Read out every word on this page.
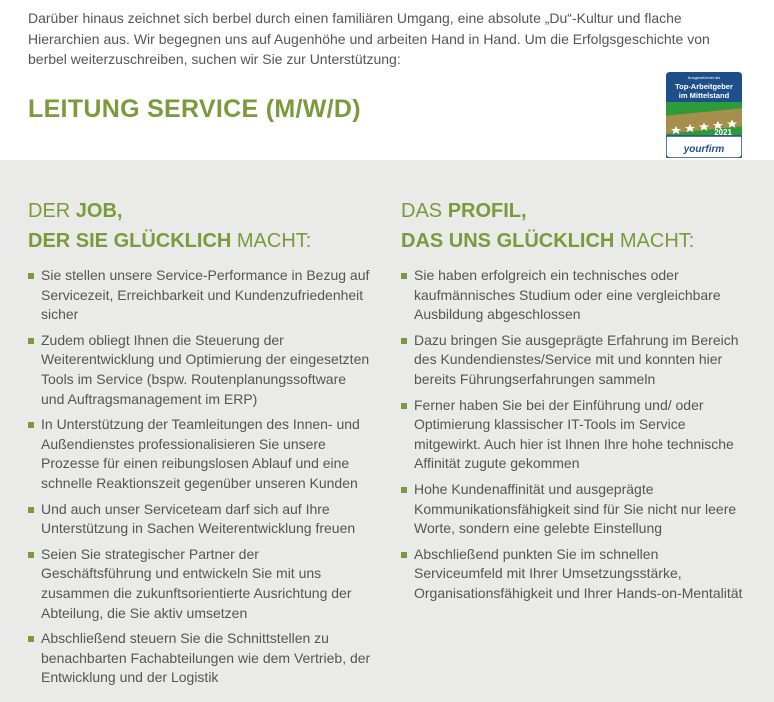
Darüber hinaus zeichnet sich berbel durch einen familiären Umgang, eine absolute „Du“-Kultur und flache Hierarchien aus. Wir begegnen uns auf Augenhöhe und arbeiten Hand in Hand. Um die Erfolgsgeschichte von berbel weiterzuschreiben, suchen wir Sie zur Unterstützung:

LEITUNG SERVICE (M/W/D)
Ausgezeichnet als
Top-Arbeitgeber
im Mittelstand
2021
yourfirm
DER JOB,
DER SIE GLÜCKLICH MACHT:
Sie stellen unsere Service-Performance in Bezug auf Servicezeit, Erreichbarkeit und Kundenzufriedenheit sicher
Zudem obliegt Ihnen die Steuerung der Weiterentwicklung und Optimierung der eingesetzten Tools im Service (bspw. Routenplanungssoftware und Auftragsmanagement im ERP)
In Unterstützung der Teamleitungen des Innen- und Außendienstes professionalisieren Sie unsere Prozesse für einen reibungslosen Ablauf und eine schnelle Reaktionszeit gegenüber unseren Kunden
Und auch unser Serviceteam darf sich auf Ihre Unterstützung in Sachen Weiterentwicklung freuen
Seien Sie strategischer Partner der Geschäftsführung und entwickeln Sie mit uns zusammen die zukunftsorientierte Ausrichtung der Abteilung, die Sie aktiv umsetzen
Abschließend steuern Sie die Schnittstellen zu benachbarten Fachabteilungen wie dem Vertrieb, der Entwicklung und der Logistik
DAS PROFIL,
DAS UNS GLÜCKLICH MACHT:
Sie haben erfolgreich ein technisches oder kaufmännisches Studium oder eine vergleichbare Ausbildung abgeschlossen
Dazu bringen Sie ausgeprägte Erfahrung im Bereich des Kundendienstes/Service mit und konnten hier bereits Führungserfahrungen sammeln
Ferner haben Sie bei der Einführung und/ oder Optimierung klassischer IT-Tools im Service mitgewirkt. Auch hier ist Ihnen Ihre hohe technische Affinität zugute gekommen
Hohe Kundenaffinität und ausgeprägte Kommunikationsfähigkeit sind für Sie nicht nur leere Worte, sondern eine gelebte Einstellung
Abschließend punkten Sie im schnellen Serviceumfeld mit Ihrer Umsetzungsstärke, Organisationsfähigkeit und Ihrer Hands-on-Mentalität
